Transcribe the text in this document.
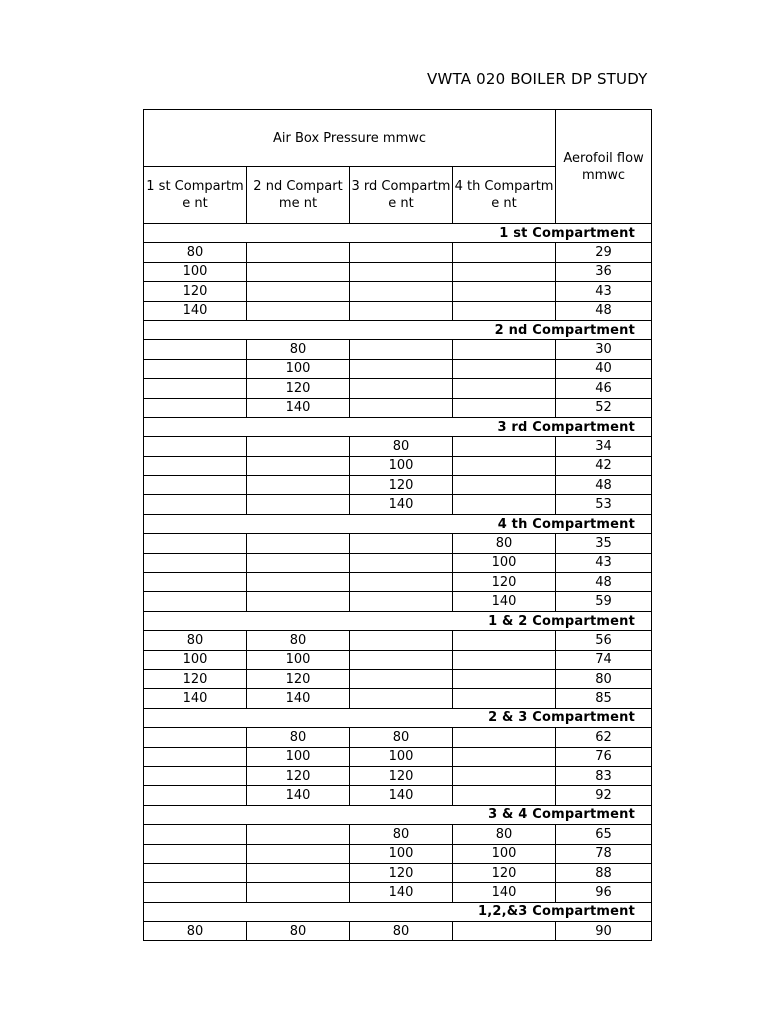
VWTA 020 BOILER DP STUDY
Air Box Pressure mmwc				Aerofoil flow mmwc
1 st Compartme nt	2 nd Compartme nt	3 rd Compartme nt	4 th Compartme nt	
1 st Compartment				
80				29
100				36
120				43
140				48
2 nd Compartment				
	80			30
	100			40
	120			46
	140			52
3 rd Compartment				
		80		34
		100		42
		120		48
		140		53
4 th Compartment				
			80	35
			100	43
			120	48
			140	59
1 & 2 Compartment				
80	80			56
100	100			74
120	120			80
140	140			85
2 & 3 Compartment				
	80	80		62
	100	100		76
	120	120		83
	140	140		92
3 & 4 Compartment				
		80	80	65
		100	100	78
		120	120	88
		140	140	96
1,2,&3 Compartment				
80	80	80		90
